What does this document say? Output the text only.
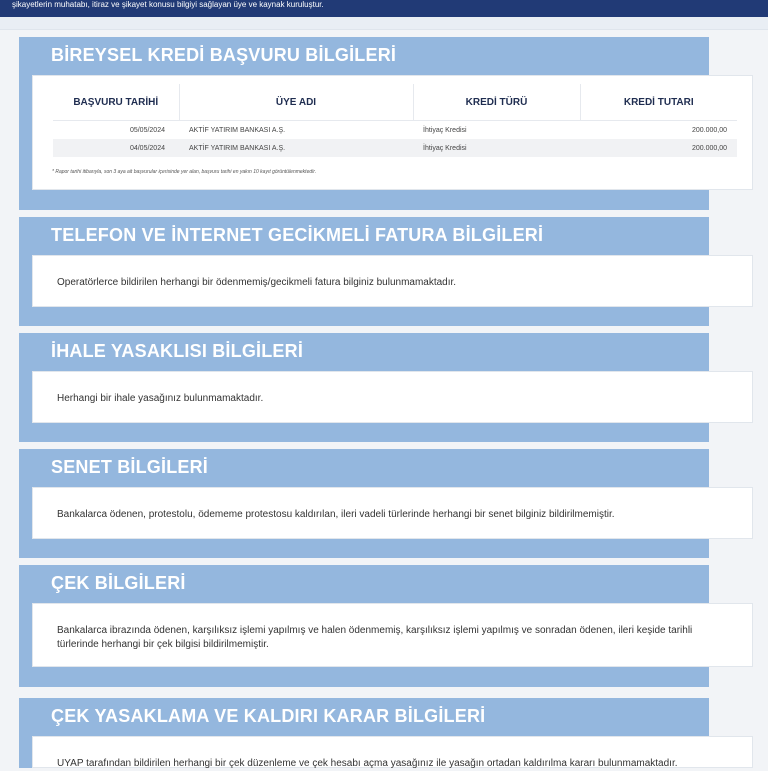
şikayetlerin muhatabı, itiraz ve şikayet konusu bilgiyi sağlayan üye ve kaynak kuruluştur.
BİREYSEL KREDİ BAŞVURU BİLGİLERİ
BAŞVURU TARİHİ	ÜYE ADI	KREDİ TÜRÜ	KREDİ TUTARI
05/05/2024	AKTİF YATIRIM BANKASI A.Ş.	İhtiyaç Kredisi	200.000,00
04/05/2024	AKTİF YATIRIM BANKASI A.Ş.	İhtiyaç Kredisi	200.000,00
* Rapor tarihi itibarıyla, son 3 aya ait başvurular içerisinde yer alan, başvuru tarihi en yakın 10 kayıt görüntülenmektedir.
TELEFON VE İNTERNET GECİKMELİ FATURA BİLGİLERİ
Operatörlerce bildirilen herhangi bir ödenmemiş/gecikmeli fatura bilginiz bulunmamaktadır.
İHALE YASAKLISI BİLGİLERİ
Herhangi bir ihale yasağınız bulunmamaktadır.
SENET BİLGİLERİ
Bankalarca ödenen, protestolu, ödememe protestosu kaldırılan, ileri vadeli türlerinde herhangi bir senet bilginiz bildirilmemiştir.
ÇEK BİLGİLERİ
Bankalarca ibrazında ödenen, karşılıksız işlemi yapılmış ve halen ödenmemiş, karşılıksız işlemi yapılmış ve sonradan ödenen, ileri keşide tarihli
türlerinde herhangi bir çek bilgisi bildirilmemiştir.
ÇEK YASAKLAMA VE KALDIRI KARAR BİLGİLERİ
UYAP tarafından bildirilen herhangi bir çek düzenleme ve çek hesabı açma yasağınız ile yasağın ortadan kaldırılma kararı bulunmamaktadır.
